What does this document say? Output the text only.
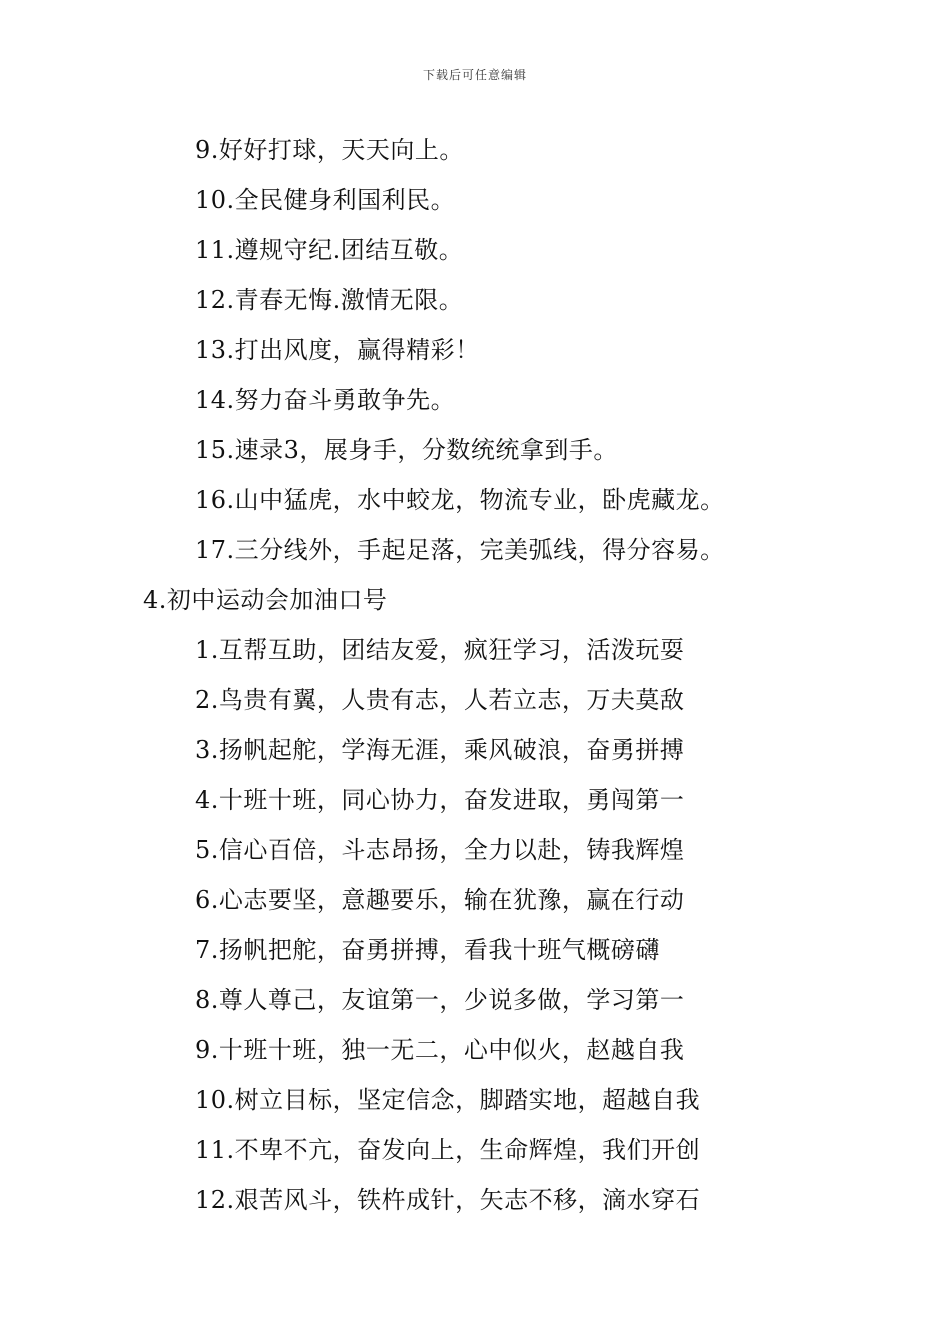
下载后可任意编辑
9.好好打球，天天向上。
10.全民健身利国利民。
11.遵规守纪.团结互敬。
12.青春无悔.激情无限。
13.打出风度，赢得精彩！
14.努力奋斗勇敢争先。
15.速录3，展身手，分数统统拿到手。
16.山中猛虎，水中蛟龙，物流专业，卧虎藏龙。
17.三分线外，手起足落，完美弧线，得分容易。
4.初中运动会加油口号
1.互帮互助，团结友爱，疯狂学习，活泼玩耍
2.鸟贵有翼，人贵有志，人若立志，万夫莫敌
3.扬帆起舵，学海无涯，乘风破浪，奋勇拼搏
4.十班十班，同心协力，奋发进取，勇闯第一
5.信心百倍，斗志昂扬，全力以赴，铸我辉煌
6.心志要坚，意趣要乐，输在犹豫，赢在行动
7.扬帆把舵，奋勇拼搏，看我十班气概磅礴
8.尊人尊己，友谊第一，少说多做，学习第一
9.十班十班，独一无二，心中似火，赵越自我
10.树立目标，坚定信念，脚踏实地，超越自我
11.不卑不亢，奋发向上，生命辉煌，我们开创
12.艰苦风斗，铁杵成针，矢志不移，滴水穿石
